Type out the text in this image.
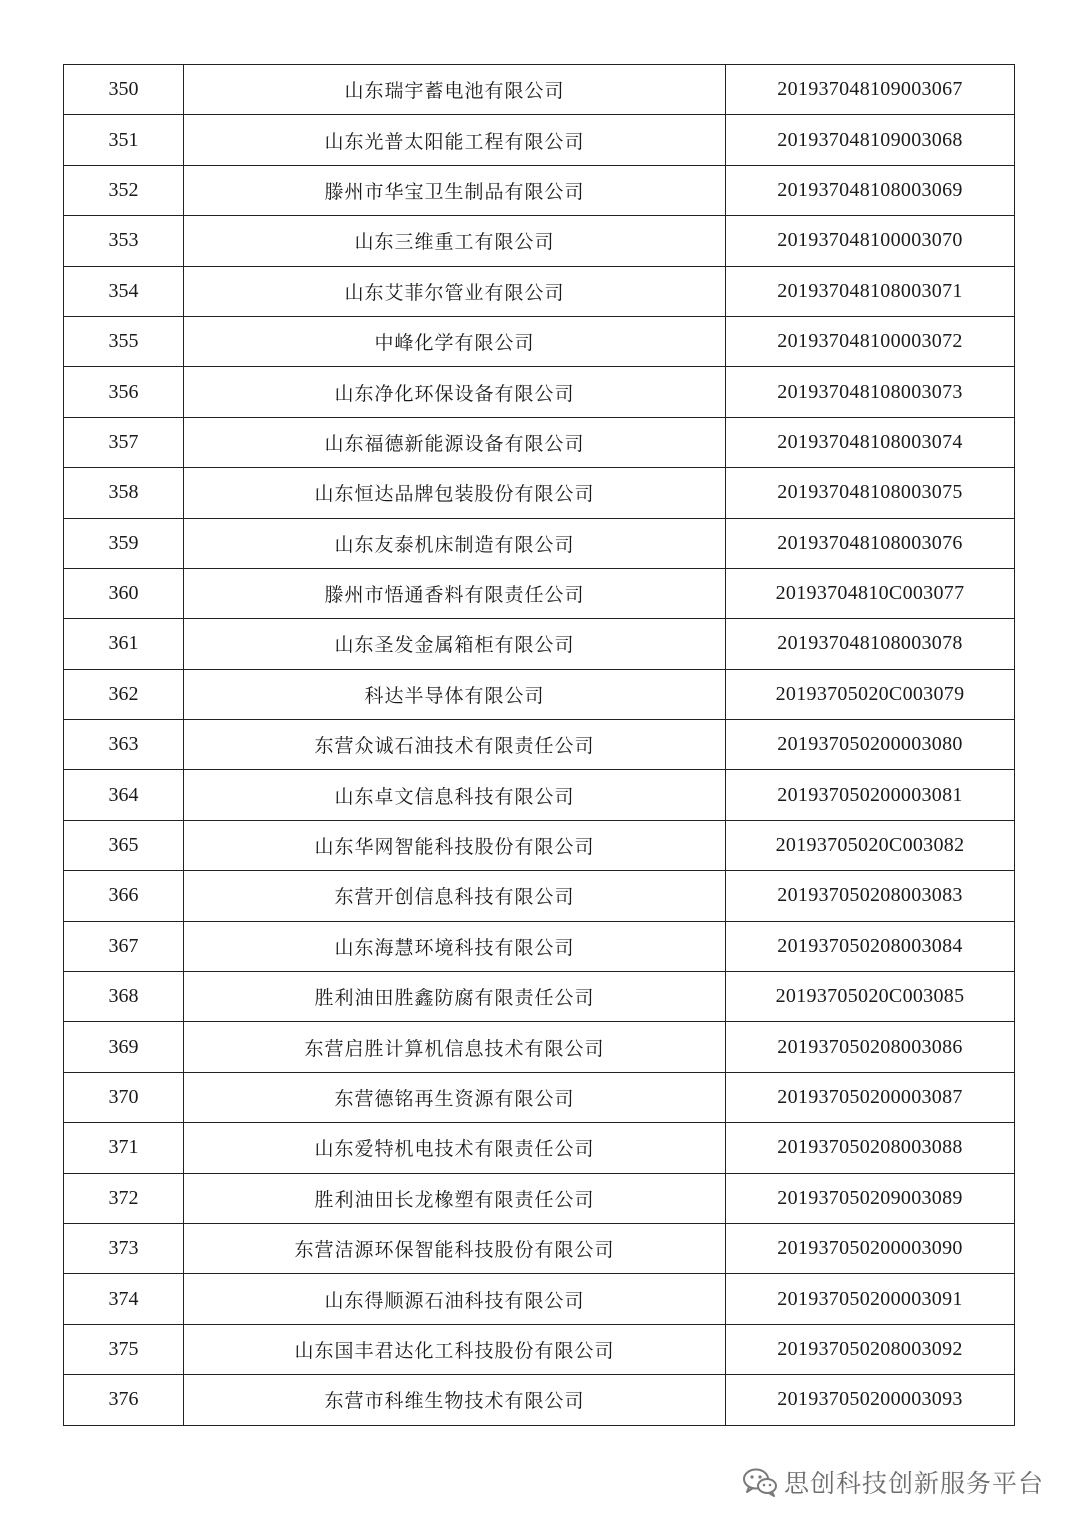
350	山东瑞宇蓄电池有限公司	201937048109003067
351	山东光普太阳能工程有限公司	201937048109003068
352	滕州市华宝卫生制品有限公司	201937048108003069
353	山东三维重工有限公司	201937048100003070
354	山东艾菲尔管业有限公司	201937048108003071
355	中峰化学有限公司	201937048100003072
356	山东净化环保设备有限公司	201937048108003073
357	山东福德新能源设备有限公司	201937048108003074
358	山东恒达品牌包装股份有限公司	201937048108003075
359	山东友泰机床制造有限公司	201937048108003076
360	滕州市悟通香料有限责任公司	20193704810C003077
361	山东圣发金属箱柜有限公司	201937048108003078
362	科达半导体有限公司	20193705020C003079
363	东营众诚石油技术有限责任公司	201937050200003080
364	山东卓文信息科技有限公司	201937050200003081
365	山东华网智能科技股份有限公司	20193705020C003082
366	东营开创信息科技有限公司	201937050208003083
367	山东海慧环境科技有限公司	201937050208003084
368	胜利油田胜鑫防腐有限责任公司	20193705020C003085
369	东营启胜计算机信息技术有限公司	201937050208003086
370	东营德铭再生资源有限公司	201937050200003087
371	山东爱特机电技术有限责任公司	201937050208003088
372	胜利油田长龙橡塑有限责任公司	201937050209003089
373	东营洁源环保智能科技股份有限公司	201937050200003090
374	山东得顺源石油科技有限公司	201937050200003091
375	山东国丰君达化工科技股份有限公司	201937050208003092
376	东营市科维生物技术有限公司	201937050200003093
思创科技创新服务平台
